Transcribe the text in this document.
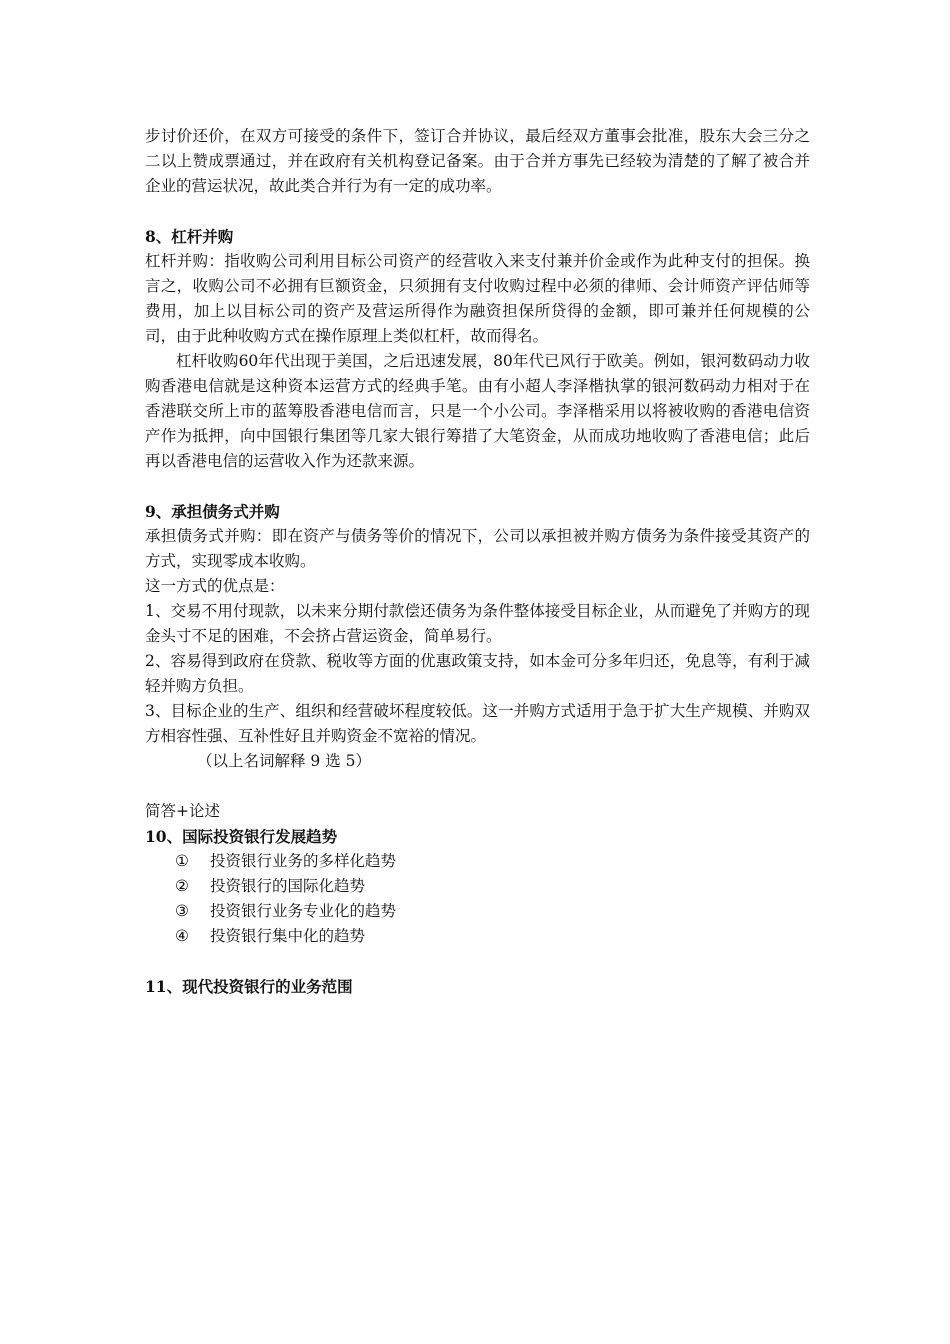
步讨价还价，在双方可接受的条件下，签订合并协议，最后经双方董事会批准，股东大会三分之二以上赞成票通过，并在政府有关机构登记备案。由于合并方事先已经较为清楚的了解了被合并企业的营运状况，故此类合并行为有一定的成功率。

8、杠杆并购

杠杆并购：指收购公司利用目标公司资产的经营收入来支付兼并价金或作为此种支付的担保。换言之，收购公司不必拥有巨额资金，只须拥有支付收购过程中必须的律师、会计师资产评估师等费用，加上以目标公司的资产及营运所得作为融资担保所贷得的金额，即可兼并任何规模的公司，由于此种收购方式在操作原理上类似杠杆，故而得名。

杠杆收购60年代出现于美国，之后迅速发展，80年代已风行于欧美。例如，银河数码动力收购香港电信就是这种资本运营方式的经典手笔。由有小超人李泽楷执掌的银河数码动力相对于在香港联交所上市的蓝筹股香港电信而言，只是一个小公司。李泽楷采用以将被收购的香港电信资产作为抵押，向中国银行集团等几家大银行筹措了大笔资金，从而成功地收购了香港电信；此后再以香港电信的运营收入作为还款来源。

9、承担债务式并购

承担债务式并购：即在资产与债务等价的情况下，公司以承担被并购方债务为条件接受其资产的方式，实现零成本收购。

这一方式的优点是：

1、交易不用付现款，以未来分期付款偿还债务为条件整体接受目标企业，从而避免了并购方的现金头寸不足的困难，不会挤占营运资金，简单易行。

2、容易得到政府在贷款、税收等方面的优惠政策支持，如本金可分多年归还，免息等，有利于减轻并购方负担。

3、目标企业的生产、组织和经营破坏程度较低。这一并购方式适用于急于扩大生产规模、并购双方相容性强、互补性好且并购资金不宽裕的情况。

（以上名词解释 9 选 5）

简答+论述

10、国际投资银行发展趋势

①	投资银行业务的多样化趋势
②	投资银行的国际化趋势
③	投资银行业务专业化的趋势
④	投资银行集中化的趋势

11、现代投资银行的业务范围
